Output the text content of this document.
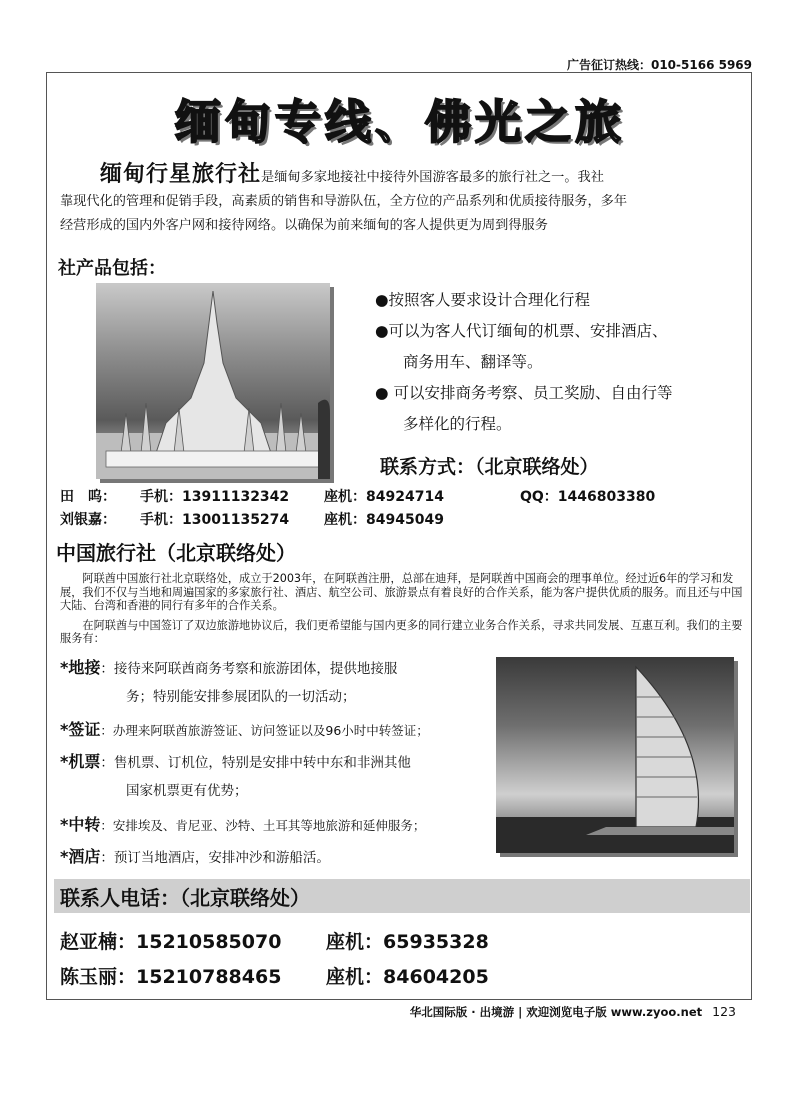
广告征订热线：010-5166 5969
缅甸专线、佛光之旅
缅甸行星旅行社是缅甸多家地接社中接待外国游客最多的旅行社之一。我社
靠现代化的管理和促销手段，高素质的销售和导游队伍，全方位的产品系列和优质接待服务，多年
经营形成的国内外客户网和接待网络。以确保为前来缅甸的客人提供更为周到得服务
社产品包括：
●按照客人要求设计合理化行程
●可以为客人代订缅甸的机票、安排酒店、
商务用车、翻译等。
● 可以安排商务考察、员工奖励、自由行等
多样化的行程。
联系方式：（北京联络处）
田　呜： 手机：13911132342 座机：84924714	QQ：1446803380
刘银嘉： 手机：13001135274 座机：84945049
中国旅行社（北京联络处）

阿联酋中国旅行社北京联络处，成立于2003年，在阿联酋注册，总部在迪拜，是阿联酋中国商会的理事单位。经过近6年的学习和发展，我们不仅与当地和周遍国家的多家旅行社、酒店、航空公司、旅游景点有着良好的合作关系，能为客户提供优质的服务。而且还与中国大陆、台湾和香港的同行有多年的合作关系。

在阿联酋与中国签订了双边旅游地协议后，我们更希望能与国内更多的同行建立业务合作关系，寻求共同发展、互惠互利。我们的主要服务有：

*地接：接待来阿联酋商务考察和旅游团体，提供地接服
务；特别能安排参展团队的一切活动；
*签证：办理来阿联酋旅游签证、访问签证以及96小时中转签证；
*机票：售机票、订机位，特别是安排中转中东和非洲其他
国家机票更有优势；
*中转：安排埃及、肯尼亚、沙特、土耳其等地旅游和延伸服务；
*酒店：预订当地酒店，安排冲沙和游船活。
联系人电话：（北京联络处）
赵亚楠：15210585070 座机：65935328
陈玉丽：15210788465 座机：84604205
华北国际版 · 出境游 | 欢迎浏览电子版 www.zyoo.net 123
